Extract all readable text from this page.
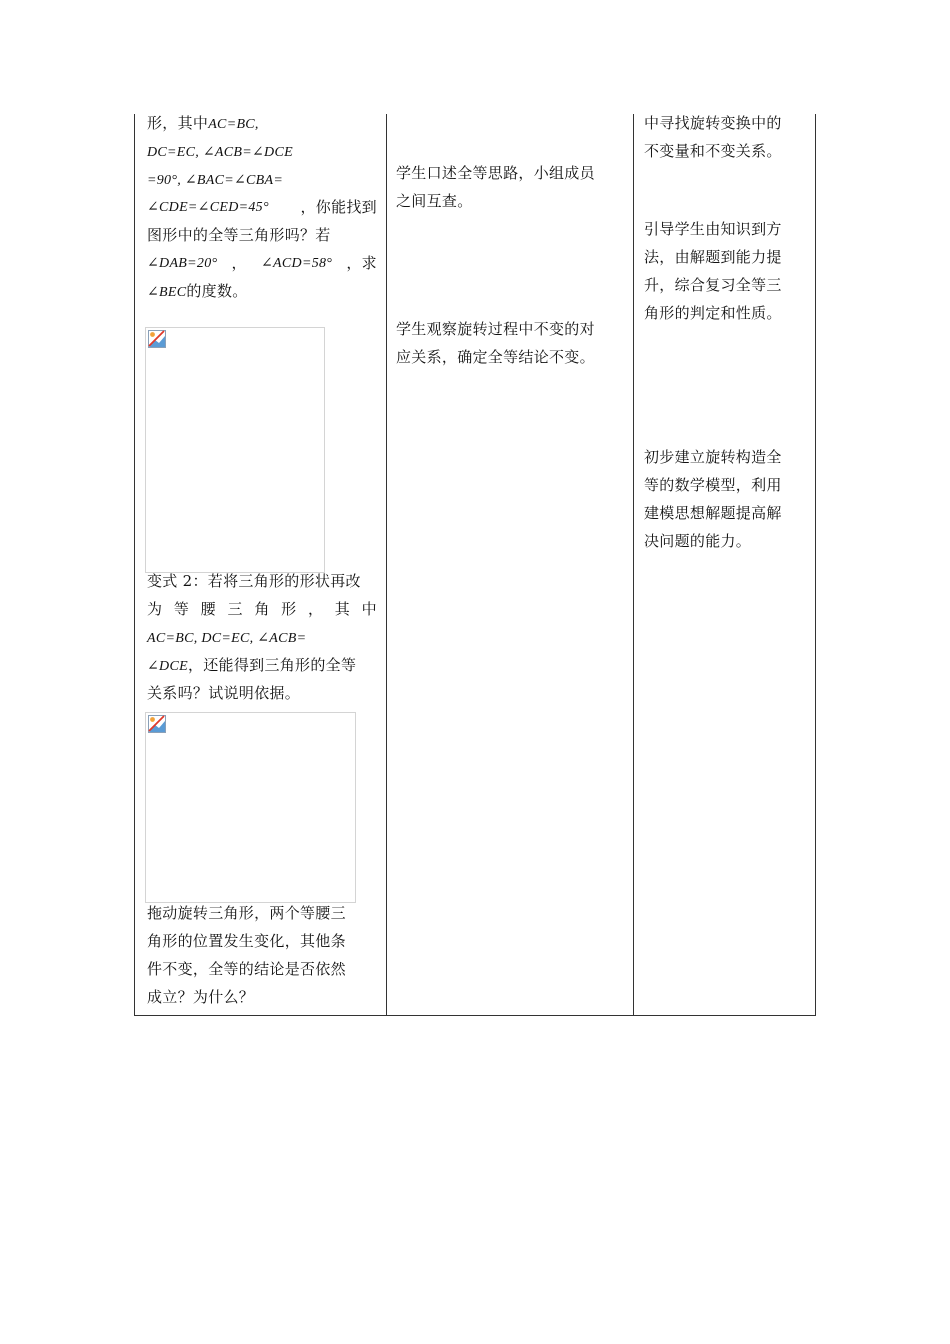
形，其中AC=BC,
DC=EC, ∠ACB=∠DCE
=90°, ∠BAC=∠CBA=
∠CDE=∠CED=45° ，你能找到
图形中的全等三角形吗？若
∠DAB=20° ， ∠ACD=58° ，求
∠BEC的度数。
变式 2：若将三角形的形状再改
为 等 腰 三 角 形 ， 其 中
AC=BC, DC=EC, ∠ACB=
∠DCE，还能得到三角形的全等
关系吗？试说明依据。
拖动旋转三角形，两个等腰三
角形的位置发生变化，其他条
件不变，全等的结论是否依然
成立？为什么？
学生口述全等思路，小组成员
之间互查。
学生观察旋转过程中不变的对
应关系，确定全等结论不变。
中寻找旋转变换中的
不变量和不变关系。
引导学生由知识到方
法，由解题到能力提
升，综合复习全等三
角形的判定和性质。
初步建立旋转构造全
等的数学模型，利用
建模思想解题提高解
决问题的能力。
